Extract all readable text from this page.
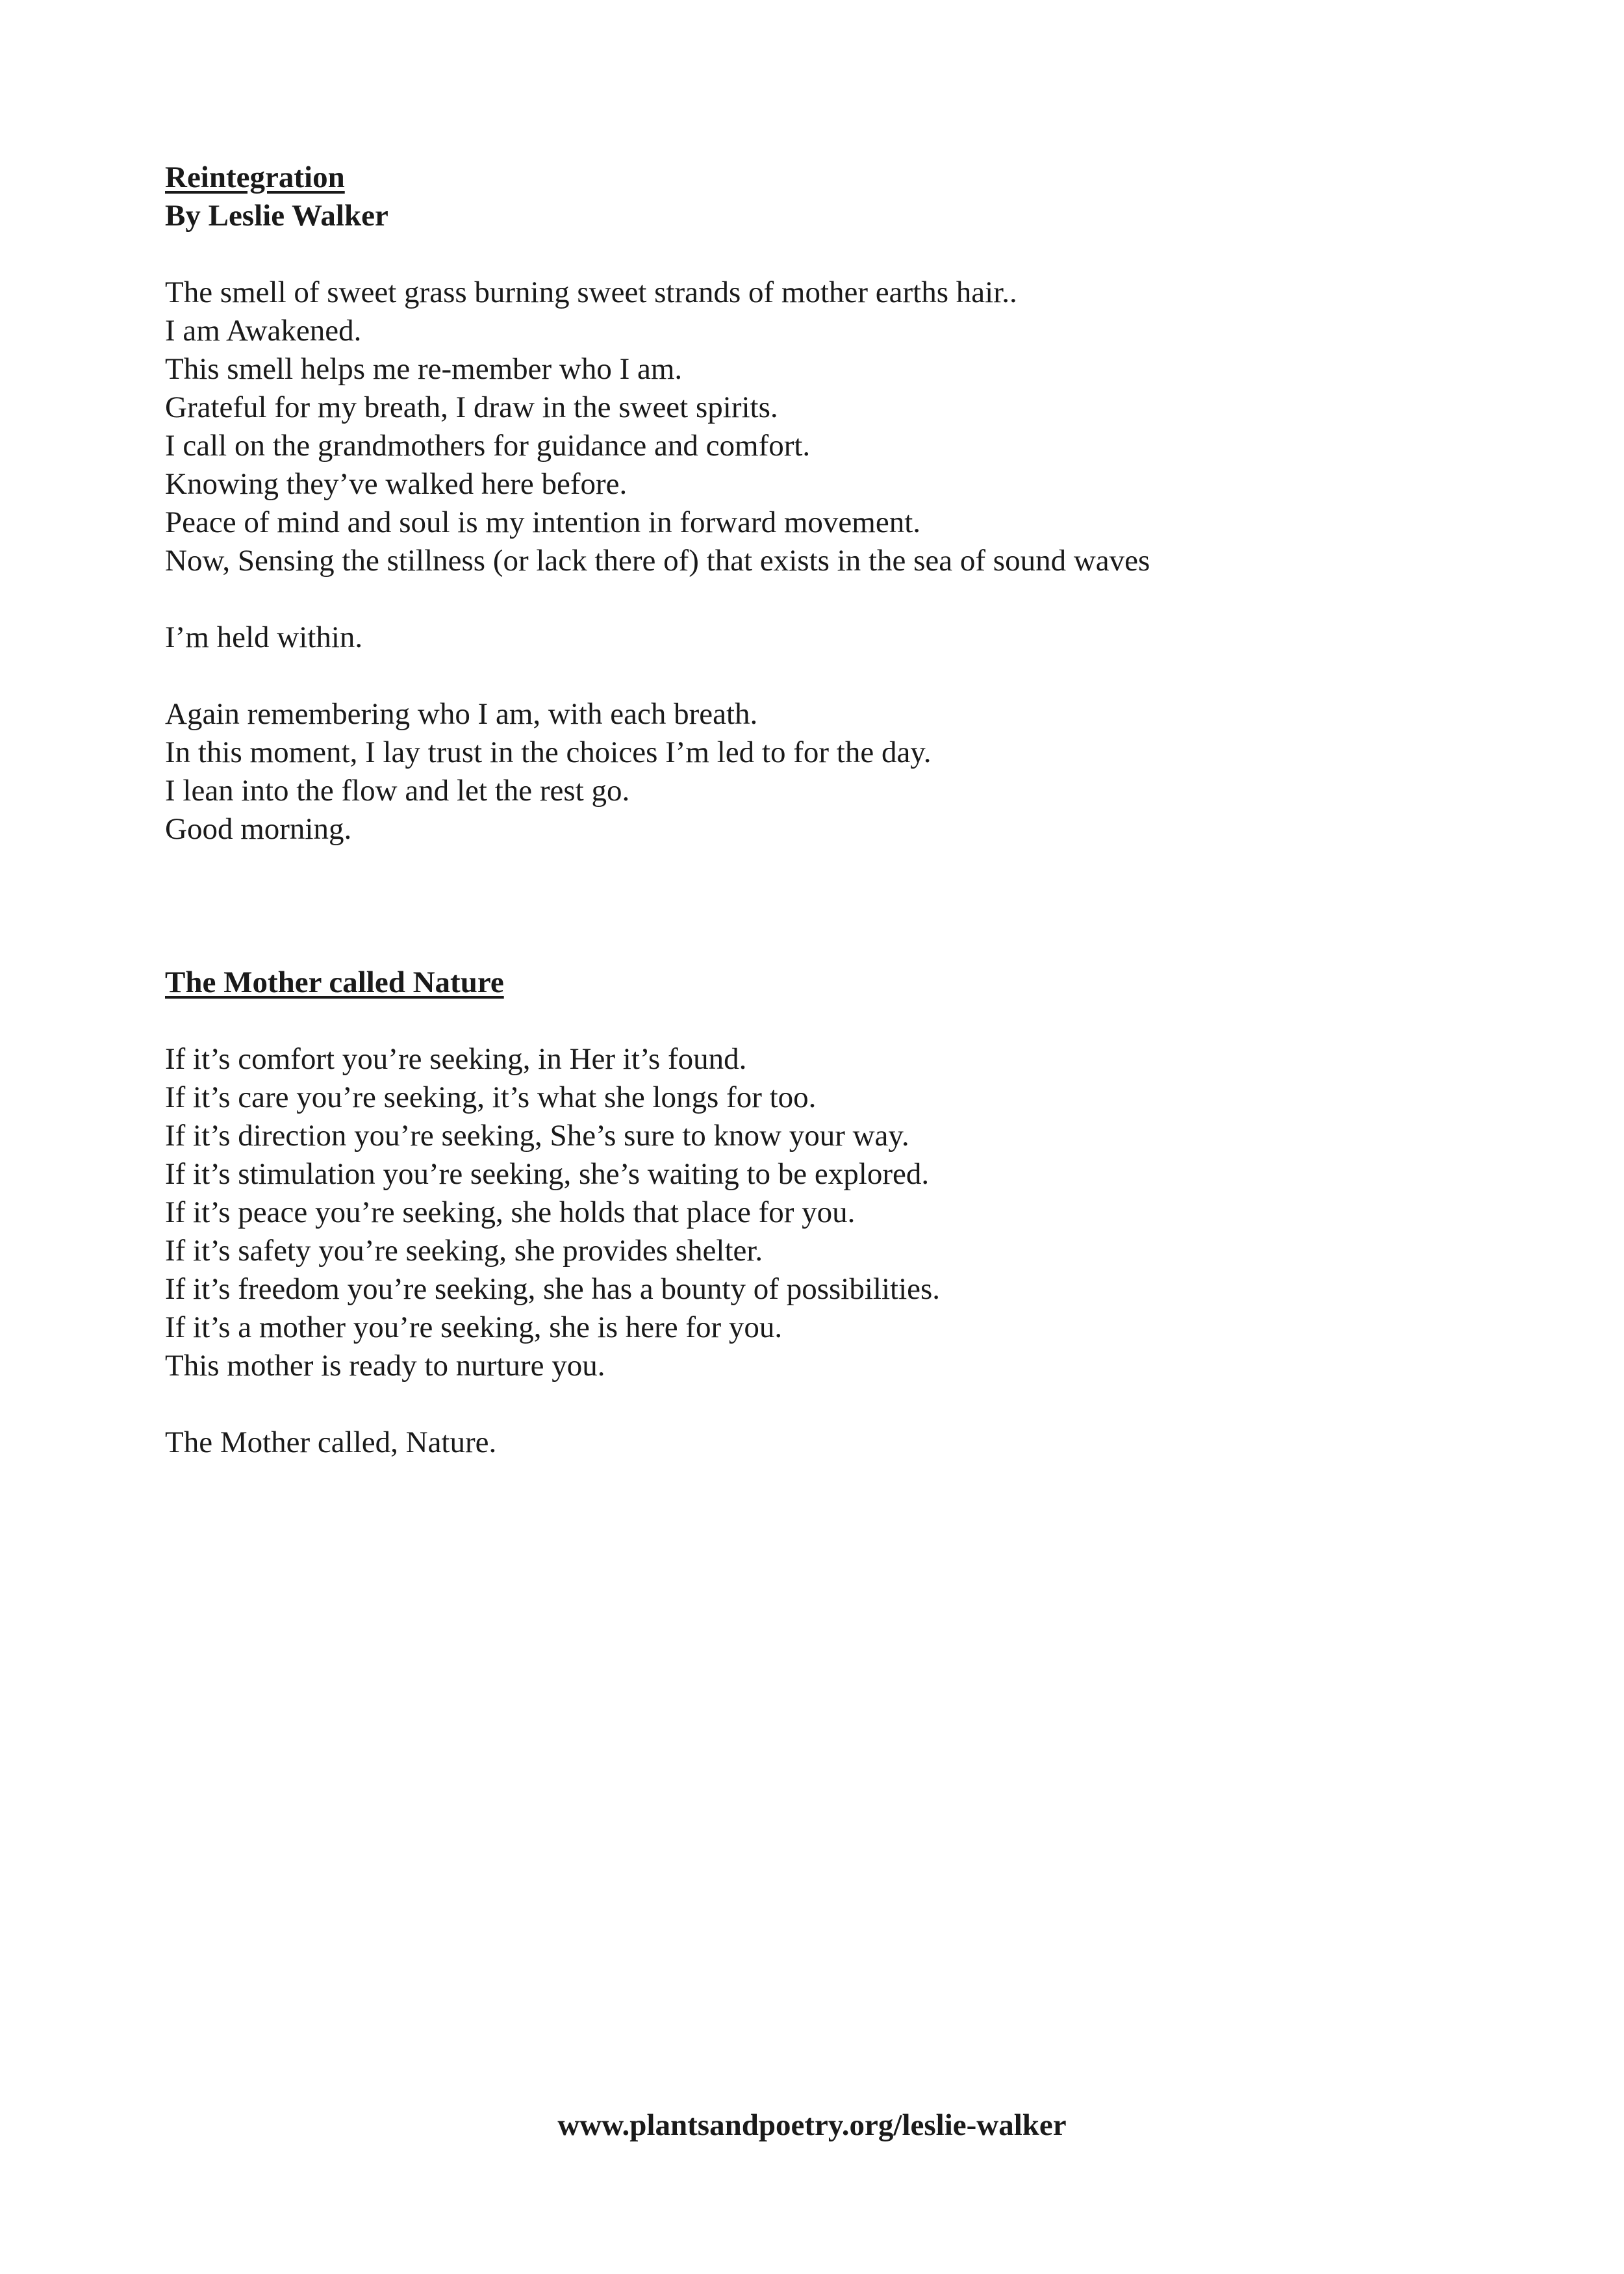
Reintegration
By Leslie Walker
The smell of sweet grass burning sweet strands of mother earths hair..
I am Awakened.
This smell helps me re-member who I am.
Grateful for my breath, I draw in the sweet spirits.
I call on the grandmothers for guidance and comfort.
Knowing they’ve walked here before.
Peace of mind and soul is my intention in forward movement.
Now, Sensing the stillness (or lack there of) that exists in the sea of sound waves
I’m held within.
Again remembering who I am, with each breath.
In this moment, I lay trust in the choices I’m led to for the day.
I lean into the flow and let the rest go.
Good morning.
The Mother called Nature
If it’s comfort you’re seeking, in Her it’s found.
If it’s care you’re seeking, it’s what she longs for too.
If it’s direction you’re seeking, She’s sure to know your way.
If it’s stimulation you’re seeking, she’s waiting to be explored.
If it’s peace you’re seeking, she holds that place for you.
If it’s safety you’re seeking, she provides shelter.
If it’s freedom you’re seeking, she has a bounty of possibilities.
If it’s a mother you’re seeking, she is here for you.
This mother is ready to nurture you.
The Mother called, Nature.
www.plantsandpoetry.org/leslie-walker
